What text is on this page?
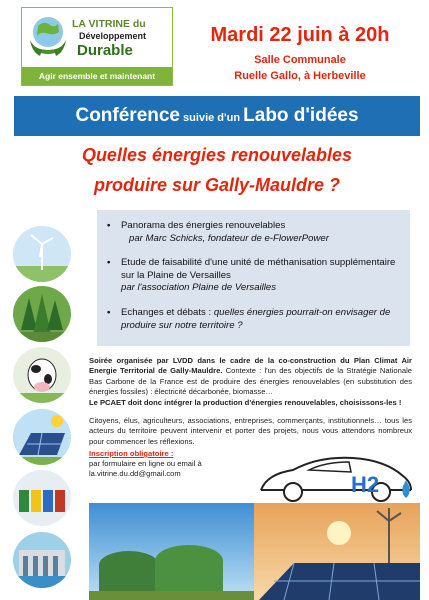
LA VITRINE du
Développement
Durable
Agir ensemble et maintenant
Mardi 22 juin à 20h
Salle Communale
Ruelle Gallo, à Herbeville
Conférence suivie d'un Labo d'idées
Quelles énergies renouvelables
produire sur Gally-Mauldre ?
• Panorama des énergies renouvelables
par Marc Schicks, fondateur de e-FlowerPower
• Etude de faisabilité d'une unité de méthanisation supplémentaire sur la Plaine de Versailles
par l'association Plaine de Versailles
• Echanges et débats : quelles énergies pourrait-on envisager de produire sur notre territoire ?
Soirée organisée par LVDD dans le cadre de la co-construction du Plan Climat Air Energie Territorial de Gally-Mauldre. Contexte : l'un des objectifs de la Stratégie Nationale Bas Carbone de la France est de produire des énergies renouvelables (en substitution des énergies fossiles) : électricité décarbonée, biomasse…
Le PCAET doit donc intégrer la production d'énergies renouvelables, choisissons-les !
Citoyens, élus, agriculteurs, associations, entreprises, commerçants, institutionnels… tous les acteurs du territoire peuvent intervenir et porter des projets, nous vous attendons nombreux pour commencer les réflexions.
Inscription obligatoire :
par formulaire en ligne ou email à
la.vitrine.du.dd@gmail.com	H2
